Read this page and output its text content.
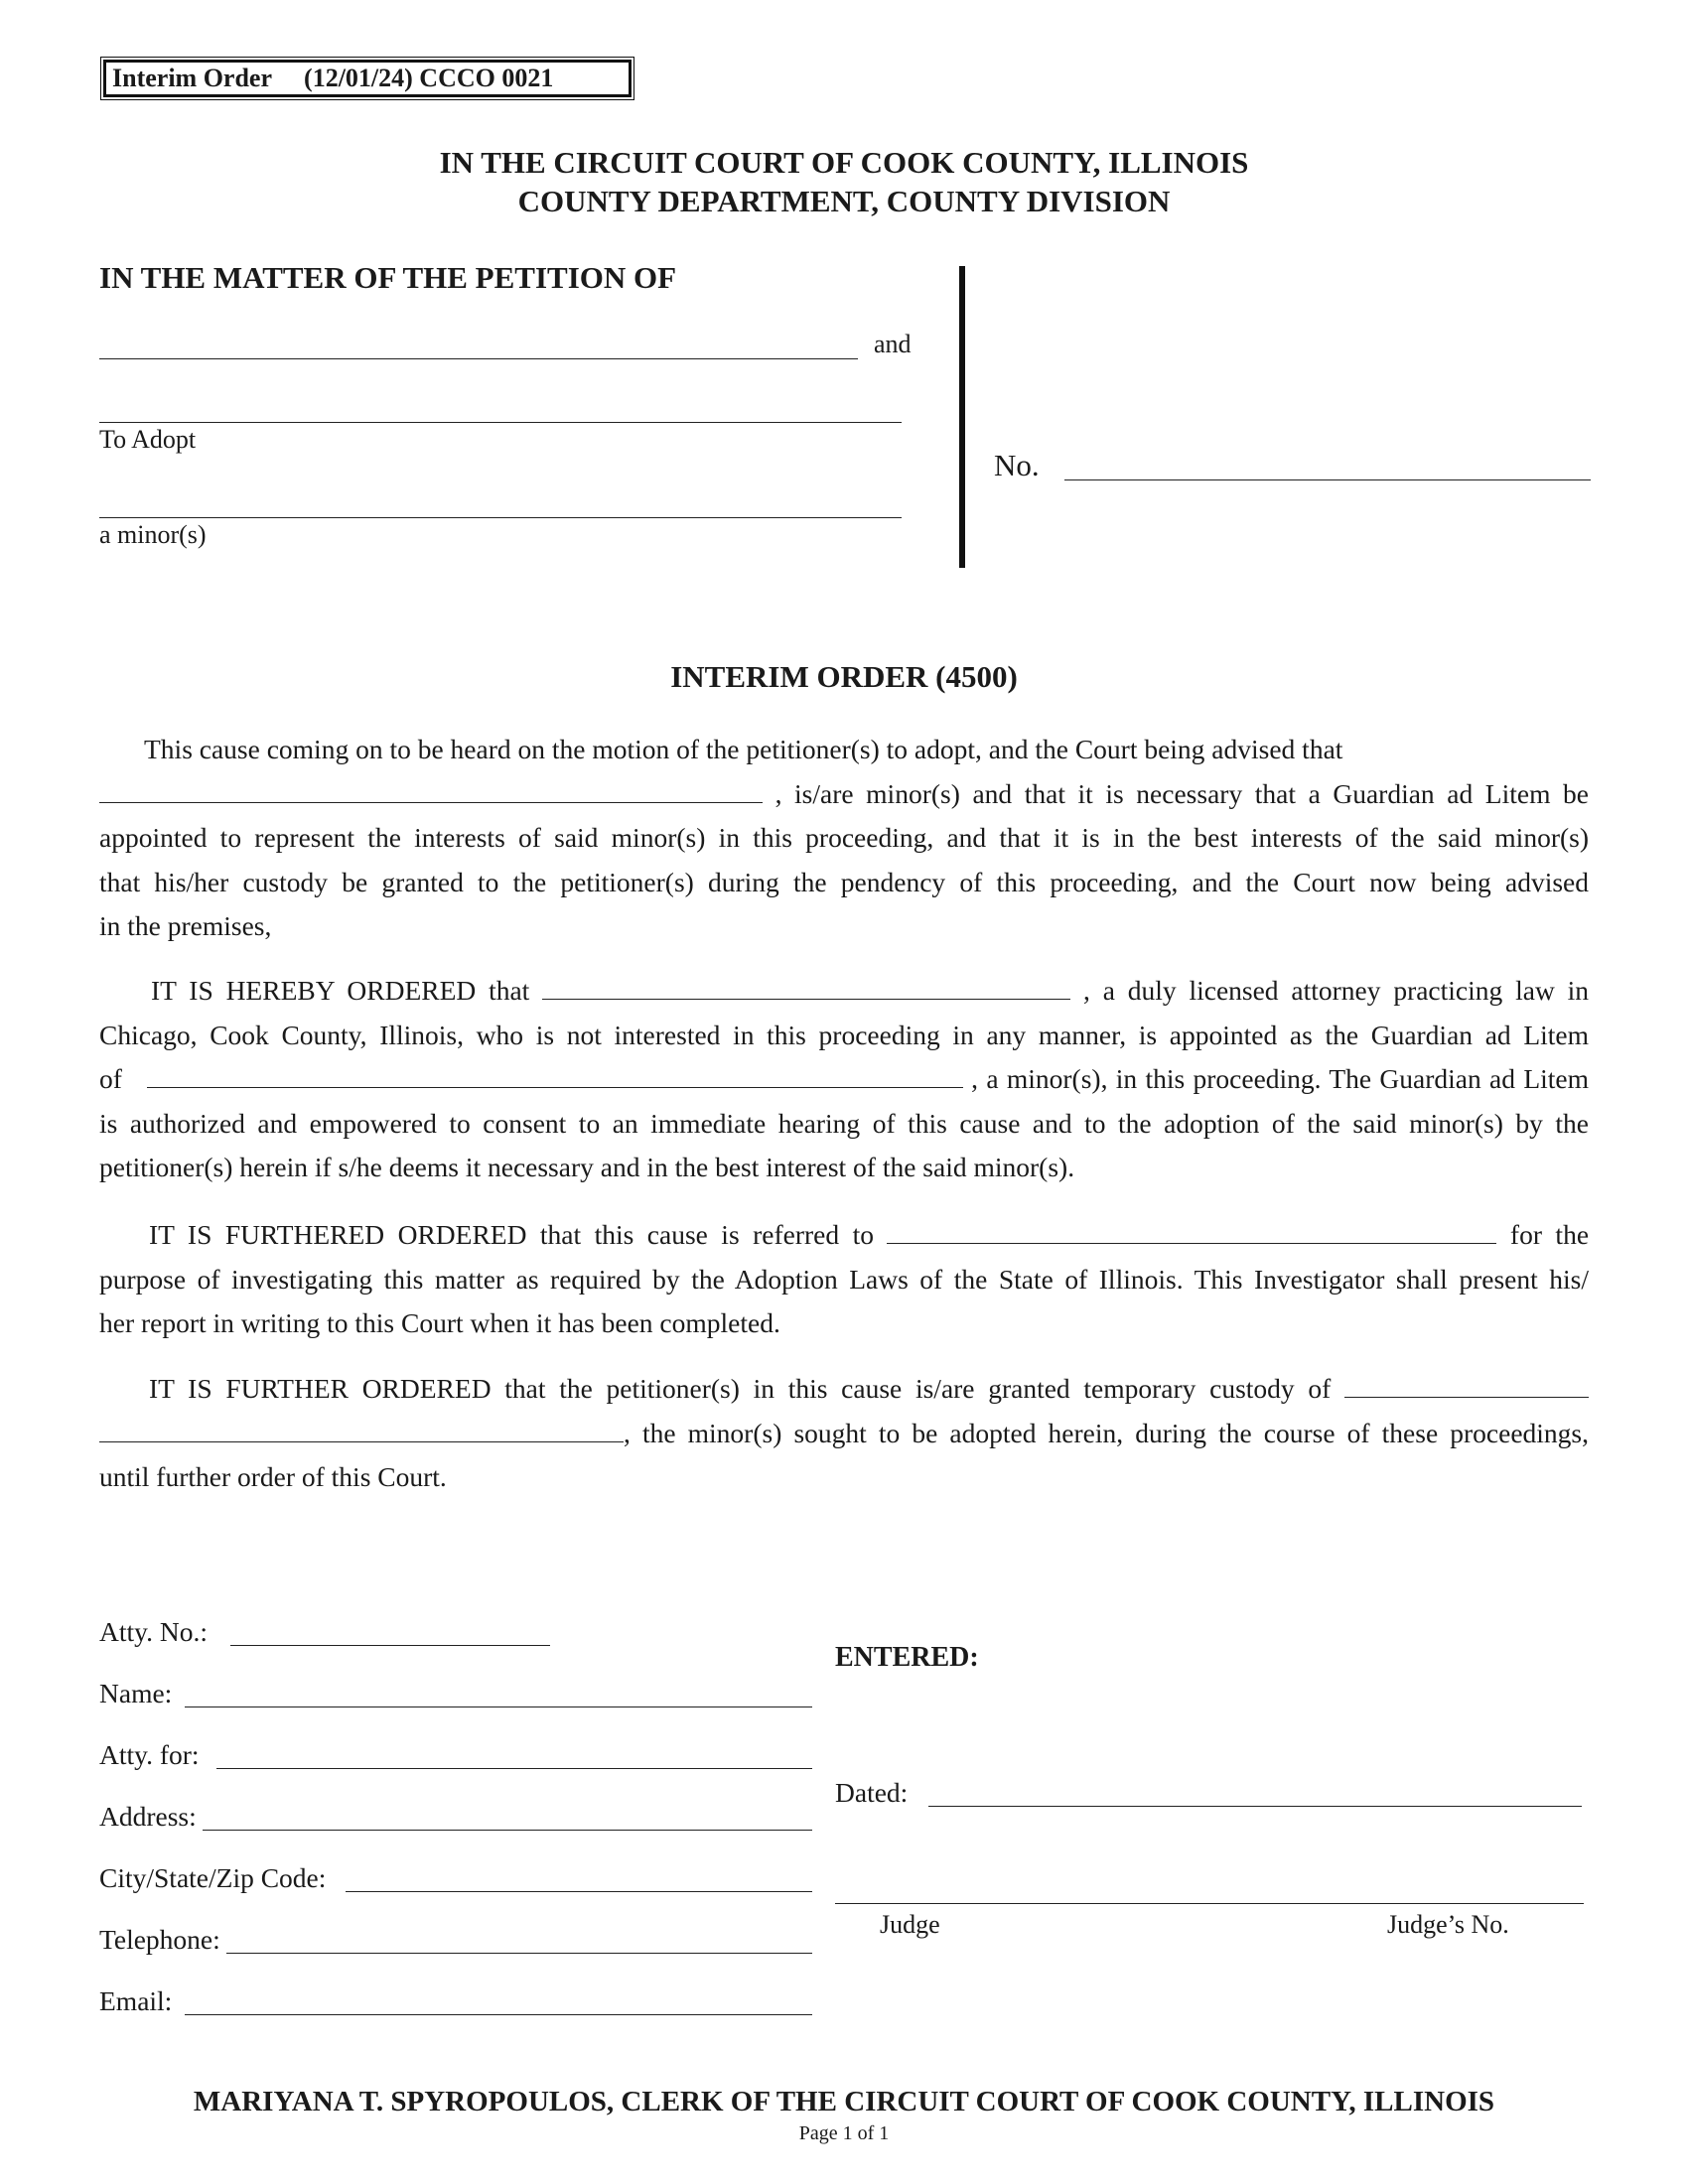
Interim Order (12/01/24) CCCO 0021
IN THE CIRCUIT COURT OF COOK COUNTY, ILLINOIS
COUNTY DEPARTMENT, COUNTY DIVISION
IN THE MATTER OF THE PETITION OF
and
To Adopt
a minor(s)
No.
INTERIM ORDER (4500)
This cause coming on to be heard on the motion of the petitioner(s) to adopt, and the Court being advised that
, is/are minor(s) and that it is necessary that a Guardian ad Litem be
appointed to represent the interests of said minor(s) in this proceeding, and that it is in the best interests of the said minor(s)
that his/her custody be granted to the petitioner(s) during the pendency of this proceeding, and the Court now being advised
in the premises,
IT IS HEREBY ORDERED that	, a duly licensed attorney practicing law in
Chicago, Cook County, Illinois, who is not interested in this proceeding in any manner, is appointed as the Guardian ad Litem
of	, a minor(s), in this proceeding. The Guardian ad Litem
is authorized and empowered to consent to an immediate hearing of this cause and to the adoption of the said minor(s) by the
petitioner(s) herein if s/he deems it necessary and in the best interest of the said minor(s).
IT IS FURTHERED ORDERED that this cause is referred to	for the
purpose of investigating this matter as required by the Adoption Laws of the State of Illinois. This Investigator shall present his/
her report in writing to this Court when it has been completed.
IT IS FURTHER ORDERED that the petitioner(s) in this cause is/are granted temporary custody of
, the minor(s) sought to be adopted herein, during the course of these proceedings,
until further order of this Court.
Atty. No.:
Name:
Atty. for:
Address:
City/State/Zip Code:
Telephone:
Email:
ENTERED:
Dated:
Judge	Judge’s No.
MARIYANA T. SPYROPOULOS, CLERK OF THE CIRCUIT COURT OF COOK COUNTY, ILLINOIS
Page 1 of 1
